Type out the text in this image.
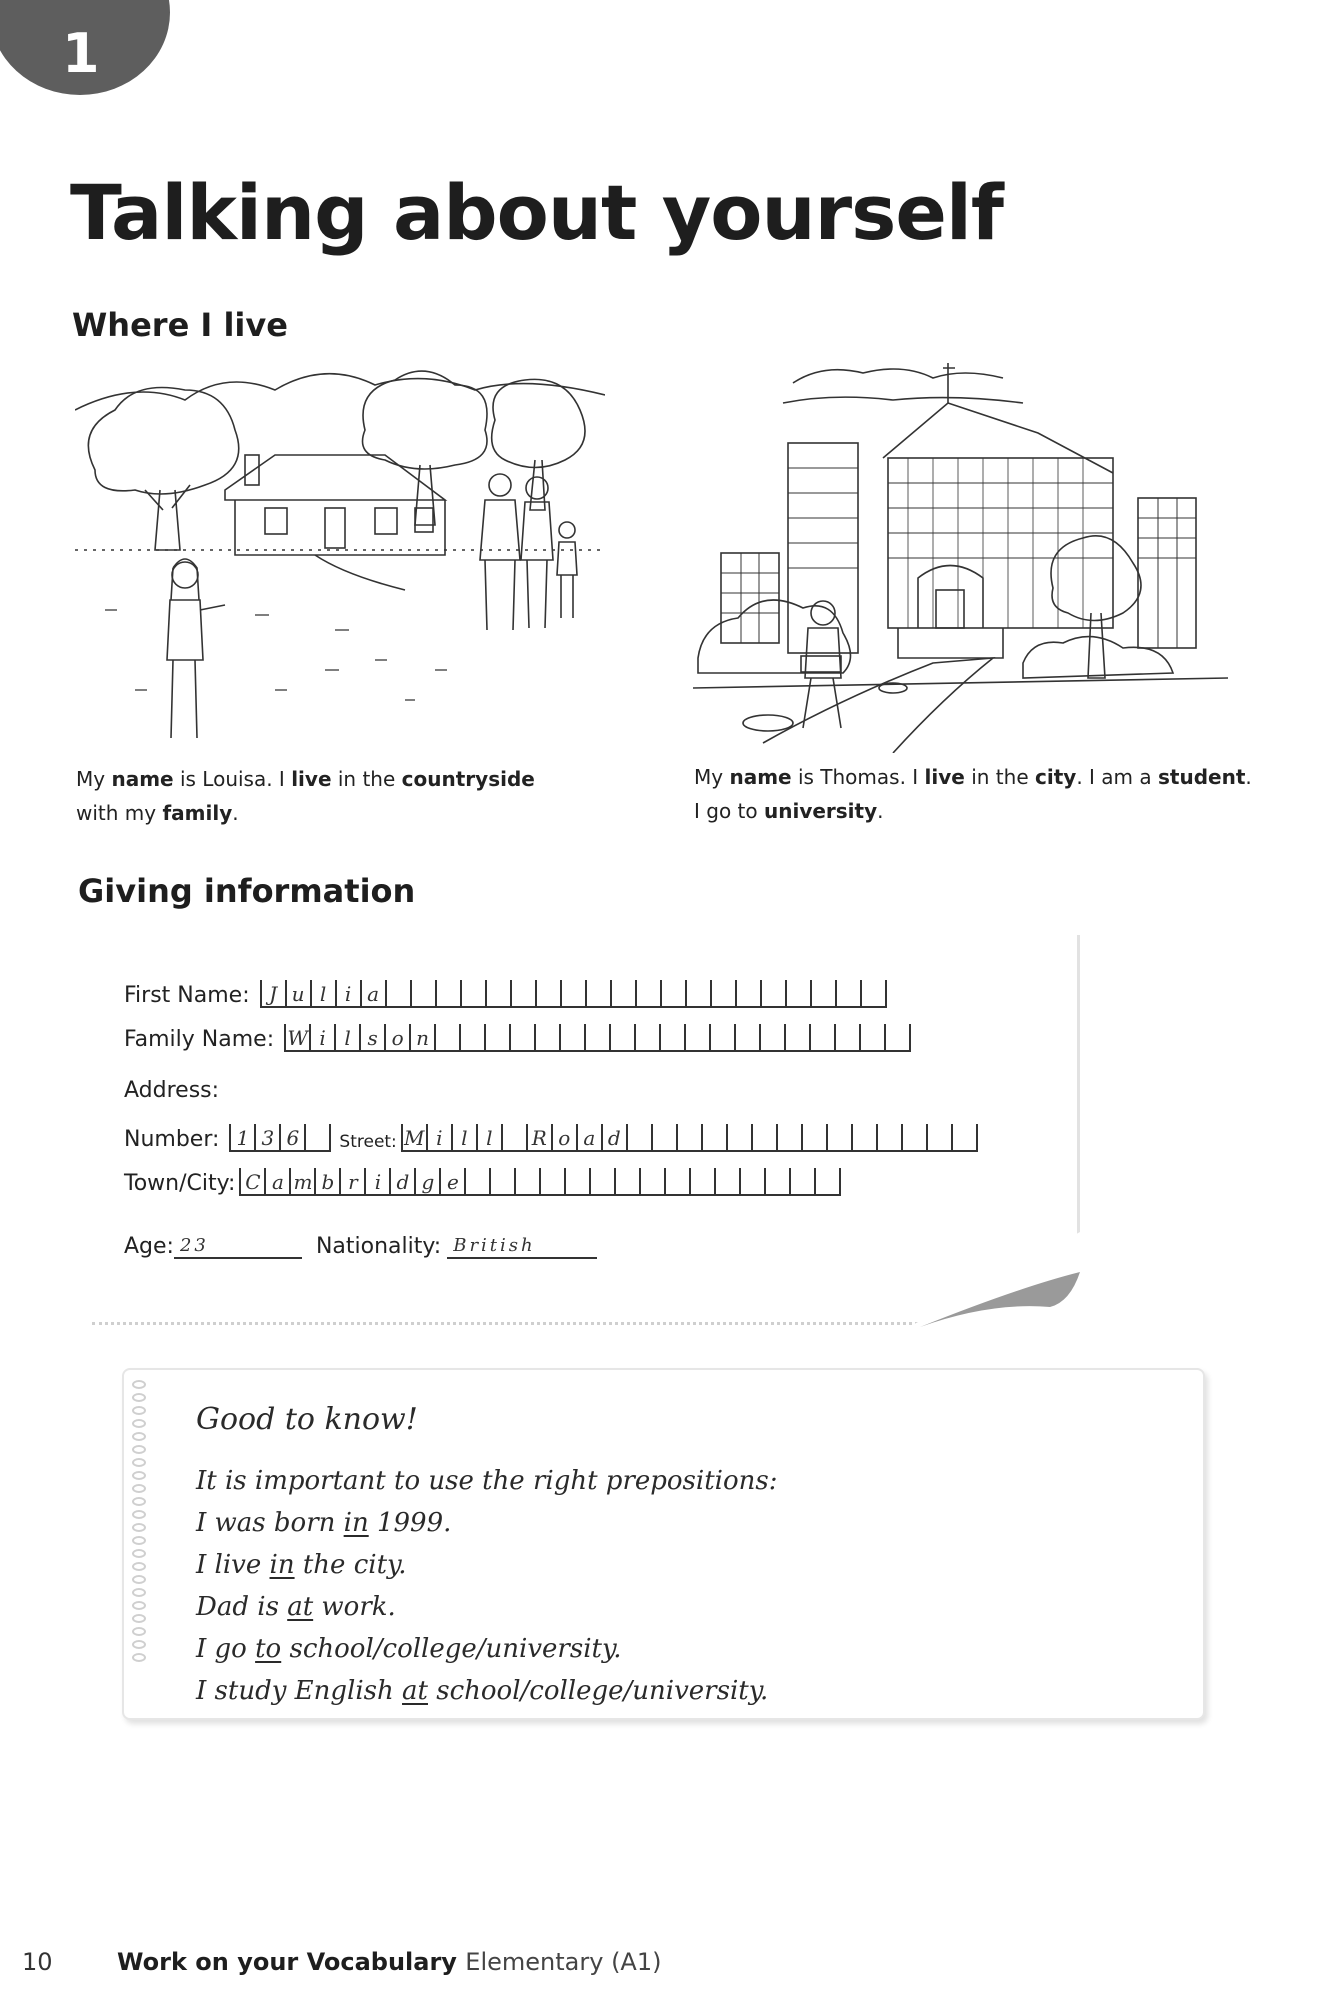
1
Talking about yourself
Where I live
My name is Louisa. I live in the countryside
with my family.
My name is Thomas. I live in the city. I am a student.
I go to university.
Giving information
First Name: J u l i a
Family Name: W i l s o n
Address:
Number: 1 3 6 Street: M i l l R o a d
Town/City: C a m b r i d g e
Age: 23	Nationality: British
Good to know!
It is important to use the right prepositions:
I was born in 1999.
I live in the city.
Dad is at work.
I go to school/college/university.
I study English at school/college/university.
10	Work on your Vocabulary Elementary (A1)
